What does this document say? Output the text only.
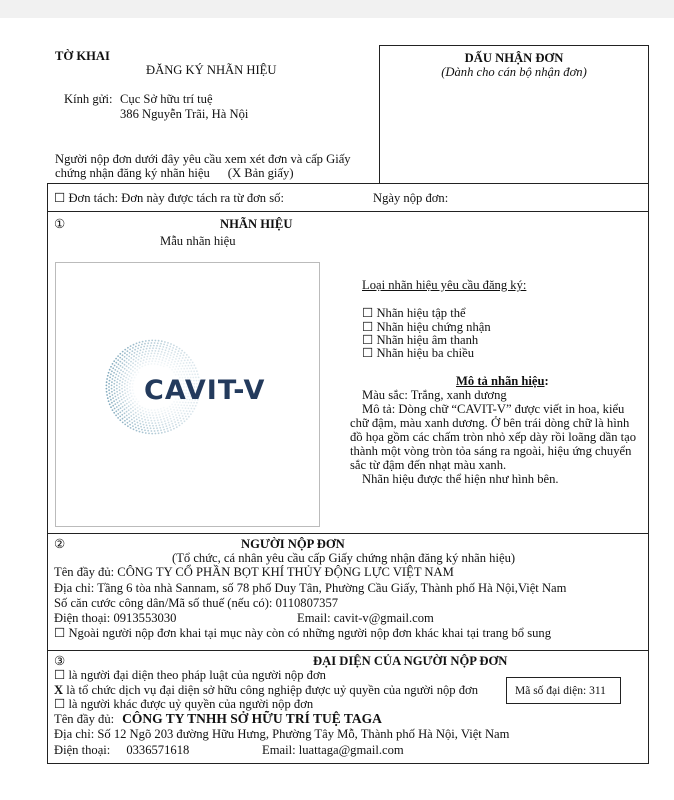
TỜ KHAI
ĐĂNG KÝ NHÃN HIỆU
Kính gửi: Cục Sở hữu trí tuệ
386 Nguyễn Trãi, Hà Nội
Người nộp đơn dưới đây yêu cầu xem xét đơn và cấp Giấy
chứng nhận đăng ký nhãn hiệu (X Bản giấy)
DẤU NHẬN ĐƠN
(Dành cho cán bộ nhận đơn)
☐ Đơn tách: Đơn này được tách ra từ đơn số:	Ngày nộp đơn:
①	NHÃN HIỆU
Mẫu nhãn hiệu
Loại nhãn hiệu yêu cầu đăng ký:
☐ Nhãn hiệu tập thể
☐ Nhãn hiệu chứng nhận
☐ Nhãn hiệu âm thanh
☐ Nhãn hiệu ba chiều
Mô tả nhãn hiệu:
Màu sắc: Trắng, xanh dương
Mô tả: Dòng chữ “CAVIT-V” được viết in hoa, kiểu
chữ đậm, màu xanh dương. Ở bên trái dòng chữ là hình
đồ họa gồm các chấm tròn nhỏ xếp dày rồi loãng dần tạo
thành một vòng tròn tỏa sáng ra ngoài, hiệu ứng chuyển
sắc từ đậm đến nhạt màu xanh.
Nhãn hiệu được thể hiện như hình bên.
CAVIT-V
②	NGƯỜI NỘP ĐƠN
(Tổ chức, cá nhân yêu cầu cấp Giấy chứng nhận đăng ký nhãn hiệu)
Tên đầy đủ: CÔNG TY CỔ PHẦN BỌT KHÍ THỦY ĐỘNG LỰC VIỆT NAM
Địa chỉ: Tầng 6 tòa nhà Sannam, số 78 phố Duy Tân, Phường Cầu Giấy, Thành phố Hà Nội,Việt Nam
Số căn cước công dân/Mã số thuế (nếu có): 0110807357
Điện thoại: 0913553030	Email: cavit-v@gmail.com
☐ Ngoài người nộp đơn khai tại mục này còn có những người nộp đơn khác khai tại trang bổ sung
③	ĐẠI DIỆN CỦA NGƯỜI NỘP ĐƠN
☐ là người đại diện theo pháp luật của người nộp đơn
X là tổ chức dịch vụ đại diện sở hữu công nghiệp được uỷ quyền của người nộp đơn
☐ là người khác được uỷ quyền của người nộp đơn
Tên đầy đủ: CÔNG TY TNHH SỞ HỮU TRÍ TUỆ TAGA
Địa chỉ: Số 12 Ngõ 203 đường Hữu Hưng, Phường Tây Mỗ, Thành phố Hà Nội, Việt Nam
Điện thoại: 0336571618	Email: luattaga@gmail.com
Mã số đại diện: 311
